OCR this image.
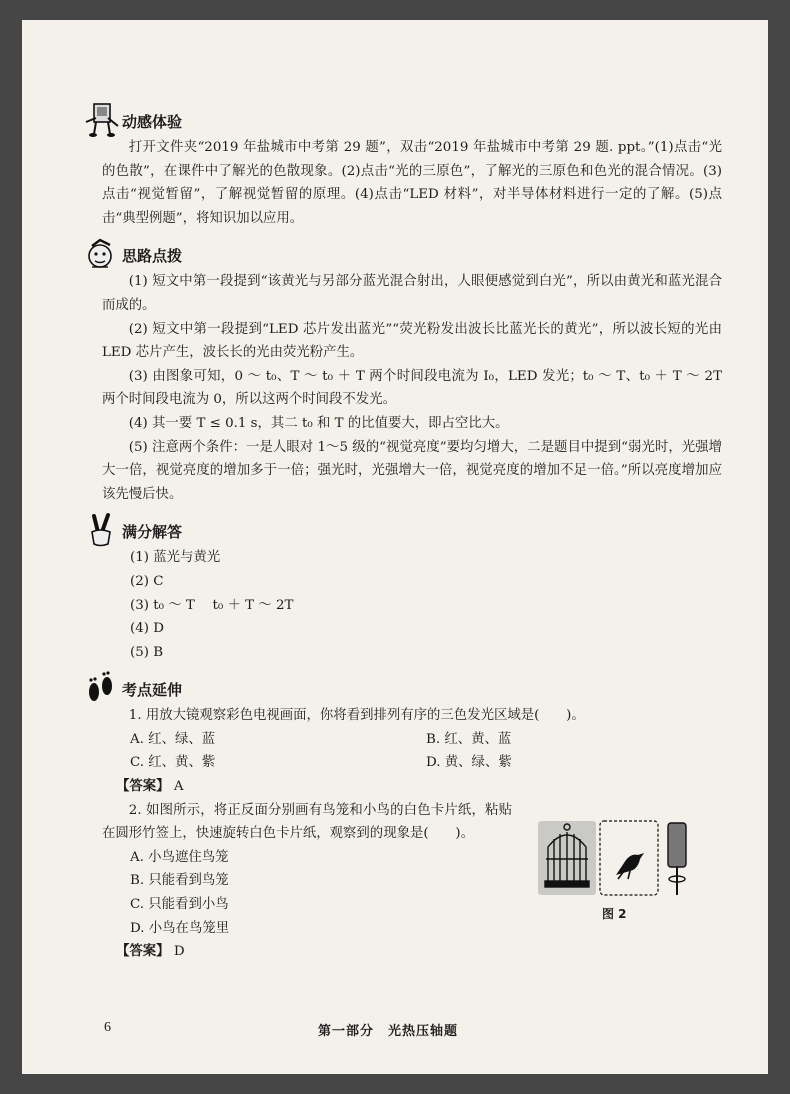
动感体验

打开文件夹“2019 年盐城市中考第 29 题”，双击“2019 年盐城市中考第 29 题. ppt。”(1)点击“光的色散”，在课件中了解光的色散现象。(2)点击“光的三原色”，了解光的三原色和色光的混合情况。(3)点击“视觉暂留”，了解视觉暂留的原理。(4)点击“LED 材料”，对半导体材料进行一定的了解。(5)点击“典型例题”，将知识加以应用。

思路点拨

(1) 短文中第一段提到“该黄光与另部分蓝光混合射出，人眼便感觉到白光”，所以由黄光和蓝光混合而成的。

(2) 短文中第一段提到“LED 芯片发出蓝光”“荧光粉发出波长比蓝光长的黄光”，所以波长短的光由 LED 芯片产生，波长长的光由荧光粉产生。

(3) 由图象可知，0 ～ t₀、T ～ t₀ ＋ T 两个时间段电流为 I₀，LED 发光；t₀ ～ T、t₀ ＋ T ～ 2T 两个时间段电流为 0，所以这两个时间段不发光。

(4) 其一要 T ≤ 0.1 s，其二 t₀ 和 T 的比值要大，即占空比大。

(5) 注意两个条件：一是人眼对 1～5 级的“视觉亮度”要均匀增大，二是题目中提到“弱光时，光强增大一倍，视觉亮度的增加多于一倍；强光时，光强增大一倍，视觉亮度的增加不足一倍。”所以亮度增加应该先慢后快。

满分解答

(1) 蓝光与黄光

(2) C

(3) t₀ ～ T　 t₀ ＋ T ～ 2T

(4) D

(5) B

考点延伸

1. 用放大镜观察彩色电视画面，你将看到排列有序的三色发光区域是(　　)。

A. 红、绿、蓝	B. 红、黄、蓝
C. 红、黄、紫	D. 黄、绿、紫
【答案】 A

2. 如图所示，将正反面分别画有鸟笼和小鸟的白色卡片纸，粘贴在圆形竹签上，快速旋转白色卡片纸，观察到的现象是(　　)。

A. 小鸟遮住鸟笼

B. 只能看到鸟笼

C. 只能看到小鸟

D. 小鸟在鸟笼里

【答案】 D
图 2
6	第一部分　光热压轴题
